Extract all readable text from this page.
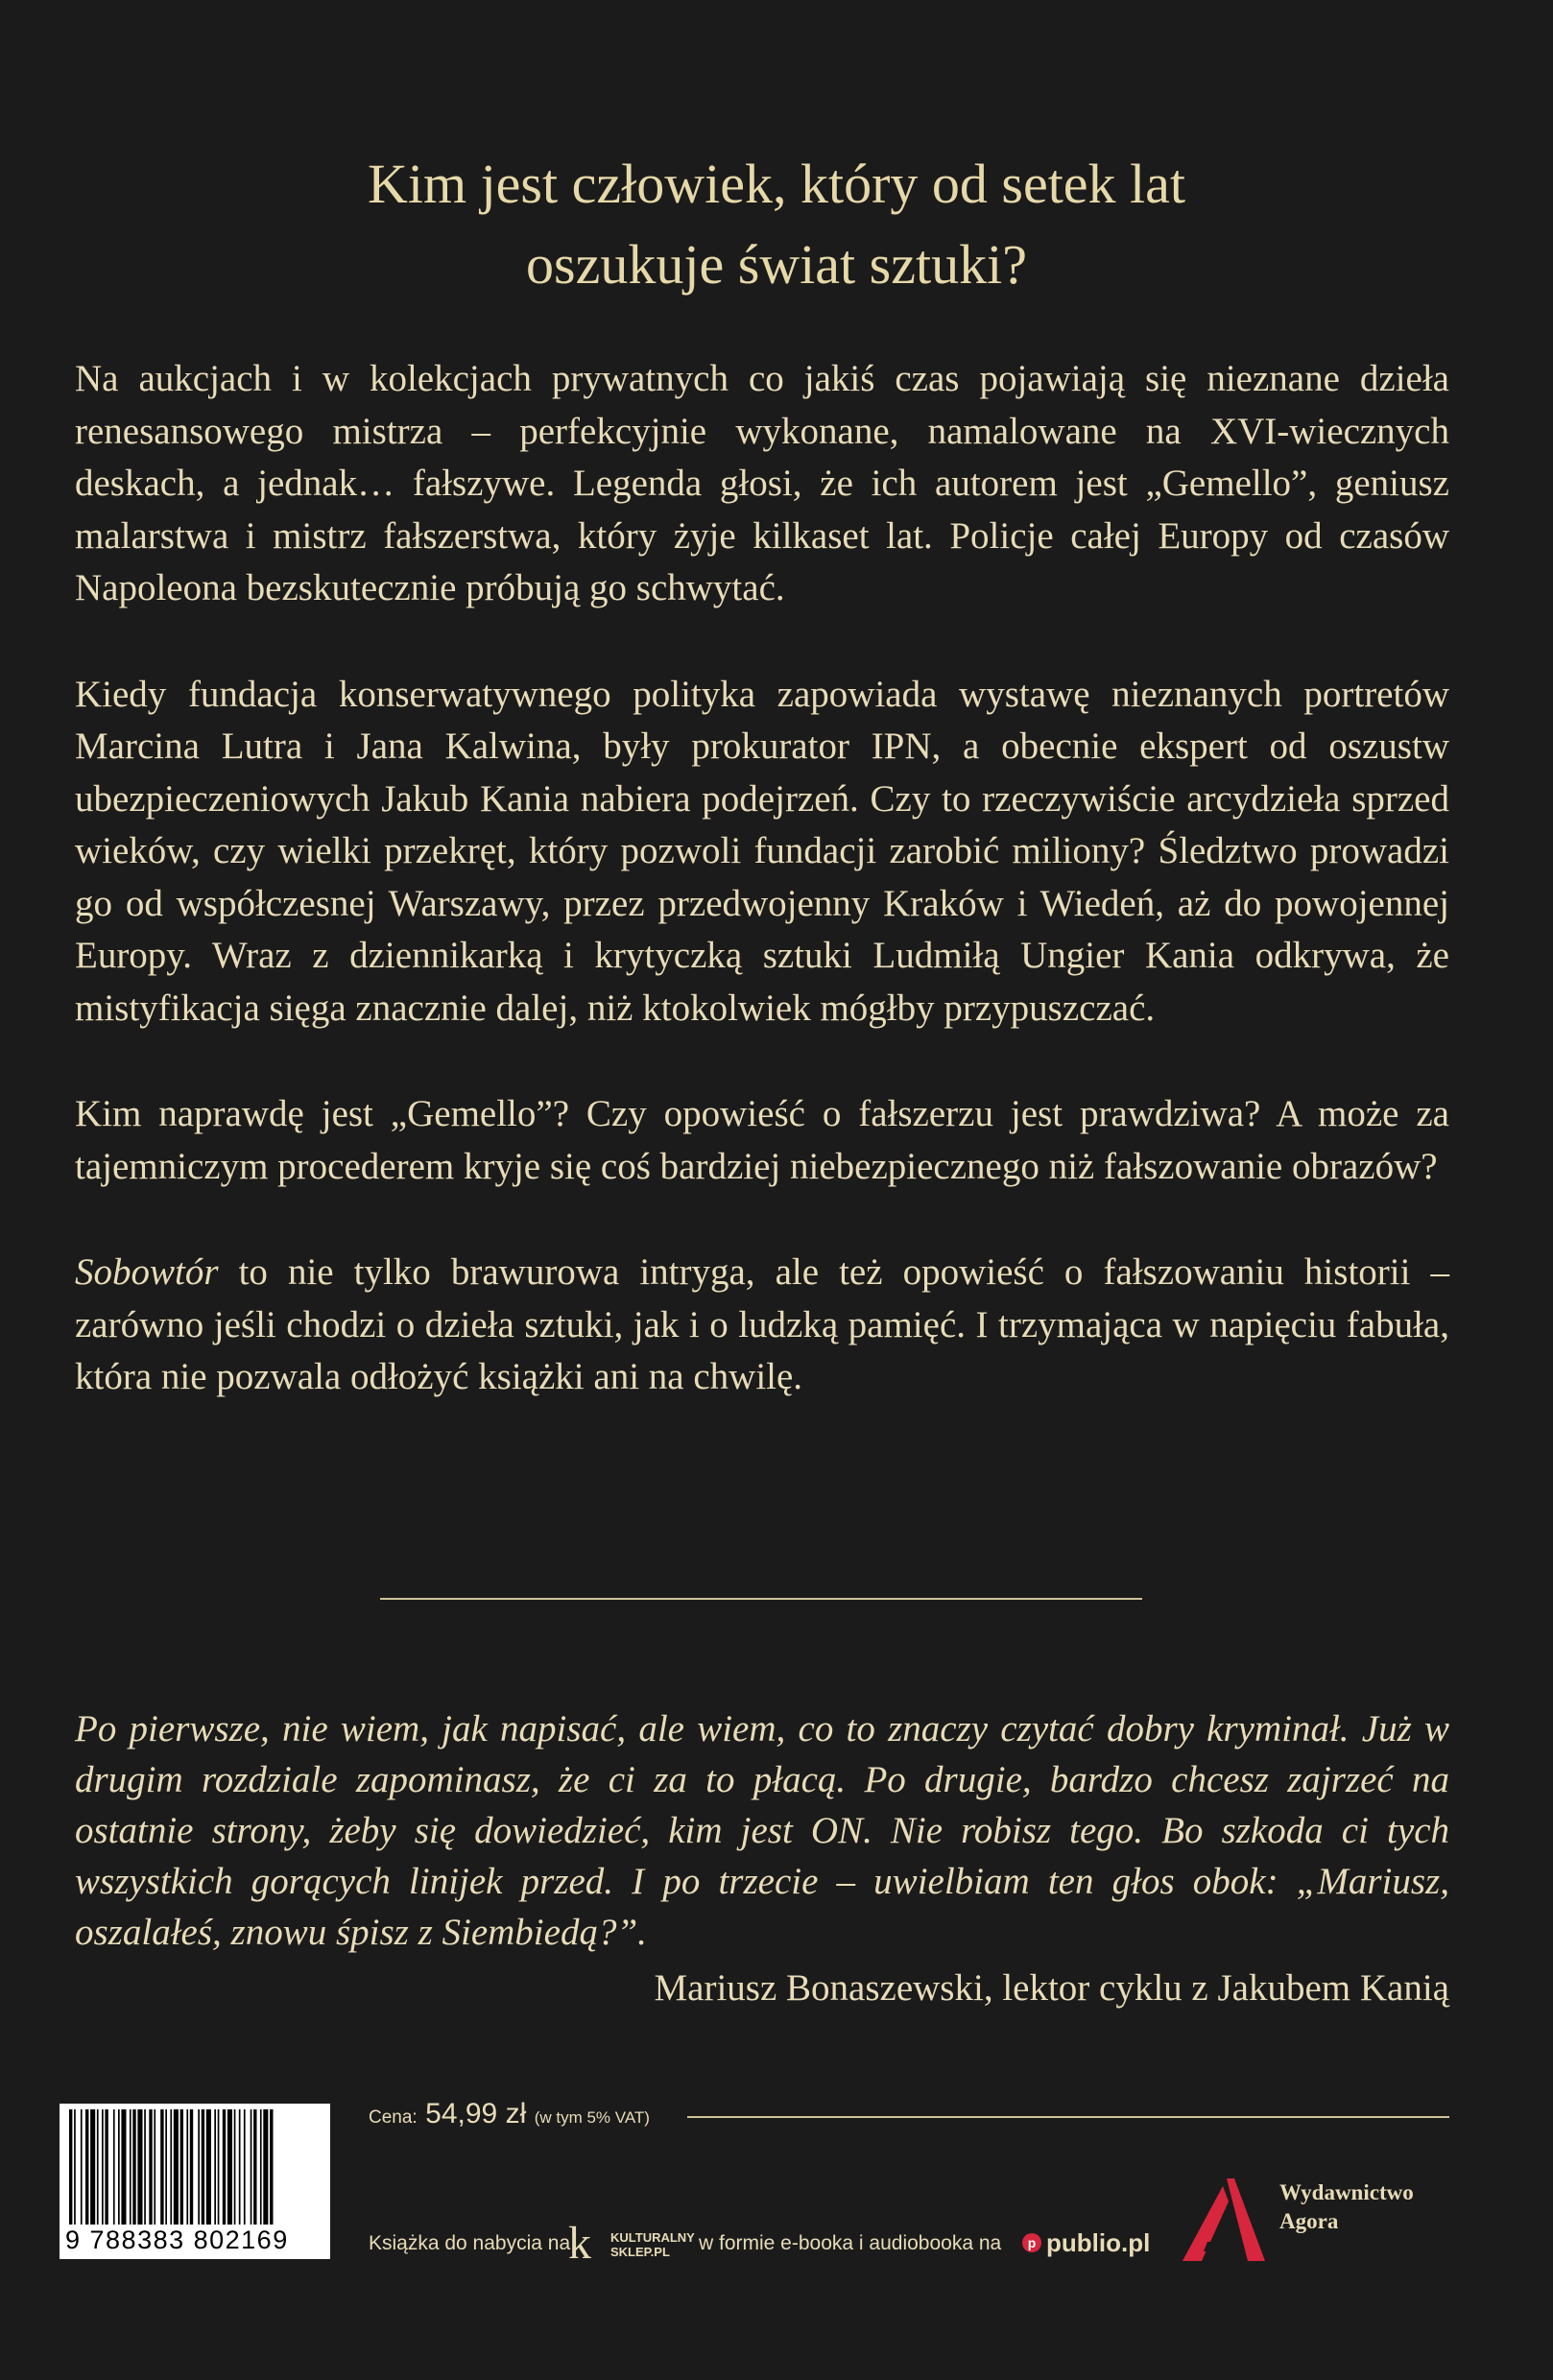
Kim jest człowiek, który od setek lat
oszukuje świat sztuki?

Na aukcjach i w kolekcjach prywatnych co jakiś czas pojawiają się nieznane dzieła renesansowego mistrza – perfekcyjnie wykonane, namalowane na XVI-wiecznych deskach, a jednak… fałszywe. Legenda głosi, że ich autorem jest „Gemello”, geniusz malarstwa i mistrz fałszerstwa, który żyje kilkaset lat. Policje całej Europy od czasów Napoleona bezskutecznie próbują go schwytać.

Kiedy fundacja konserwatywnego polityka zapowiada wystawę nieznanych portretów Marcina Lutra i Jana Kalwina, były prokurator IPN, a obecnie ekspert od oszustw ubezpieczeniowych Jakub Kania nabiera podejrzeń. Czy to rzeczywiście arcydzieła sprzed wieków, czy wielki przekręt, który pozwoli fundacji zarobić miliony? Śledztwo prowadzi go od współczesnej Warszawy, przez przedwojenny Kraków i Wiedeń, aż do powojennej Europy. Wraz z dziennikarką i krytyczką sztuki Ludmiłą Ungier Kania odkrywa, że mistyfikacja sięga znacznie dalej, niż ktokolwiek mógłby przypuszczać.

Kim naprawdę jest „Gemello”? Czy opowieść o fałszerzu jest prawdziwa? A może za tajemniczym procederem kryje się coś bardziej niebezpiecznego niż fałszowanie obrazów?

Sobowtór to nie tylko brawurowa intryga, ale też opowieść o fałszowaniu historii – zarówno jeśli chodzi o dzieła sztuki, jak i o ludzką pamięć. I trzymająca w napięciu fabuła, która nie pozwala odłożyć książki ani na chwilę.

Po pierwsze, nie wiem, jak napisać, ale wiem, co to znaczy czytać dobry kryminał. Już w drugim rozdziale zapominasz, że ci za to płacą. Po drugie, bardzo chcesz zajrzeć na ostatnie strony, żeby się dowiedzieć, kim jest ON. Nie robisz tego. Bo szkoda ci tych wszystkich gorących linijek przed. I po trzecie – uwielbiam ten głos obok: „Mariusz, oszalałeś, znowu śpisz z Siembiedą?”.

Mariusz Bonaszewski, lektor cyklu z Jakubem Kanią

9 788383 802169
Cena: 54,99 zł (w tym 5% VAT)
Książka do nabycia na
k KULTURALNY
SKLEP.PL	w formie e-booka i audiobooka na	p publio.pl
Wydawnictwo
Agora
